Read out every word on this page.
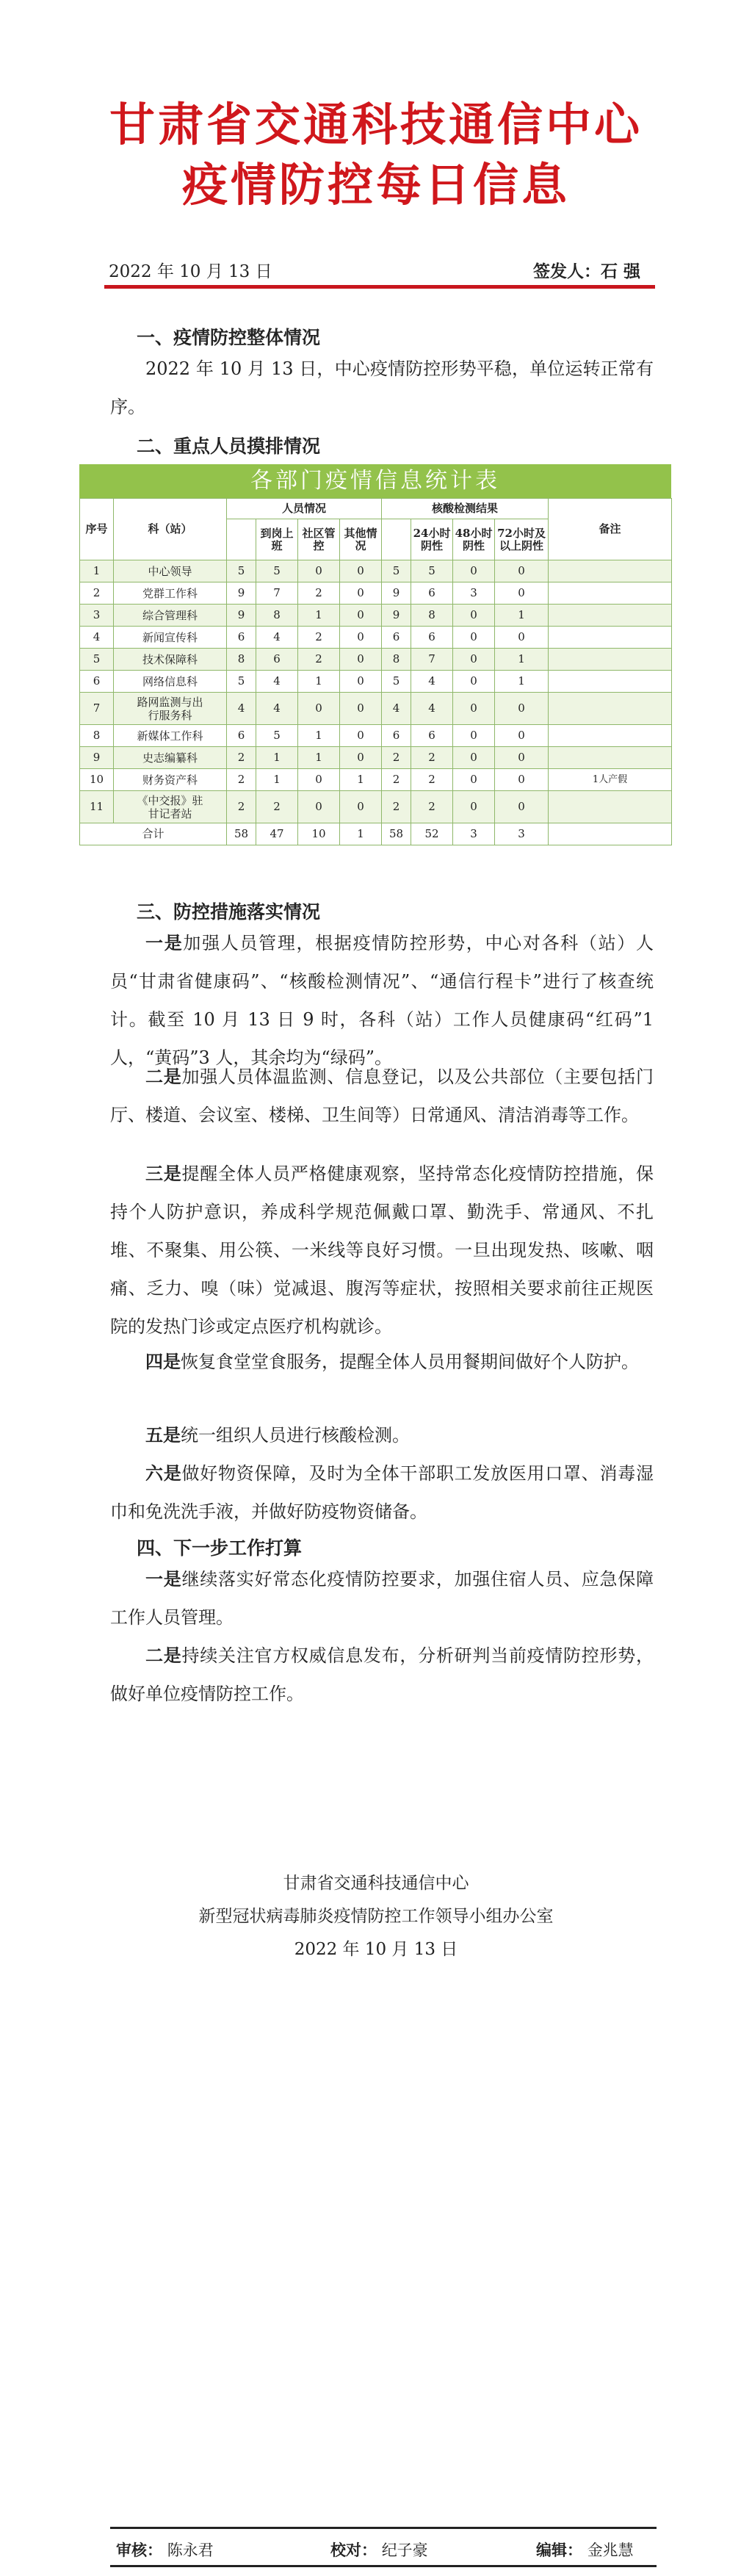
甘肃省交通科技通信中心
疫情防控每日信息
2022 年 10 月 13 日	签发人：石 强
一、疫情防控整体情况

2022 年 10 月 13 日，中心疫情防控形势平稳，单位运转正常有序。

二、重点人员摸排情况
各部门疫情信息统计表
序号	科（站）	人员情况				核酸检测结果				备注
			到岗上班	社区管控	其他情况		24小时阴性	48小时阴性	72小时及以上阴性	
1	中心领导	5	5	0	0	5	5	0	0	
2	党群工作科	9	7	2	0	9	6	3	0	
3	综合管理科	9	8	1	0	9	8	0	1	
4	新闻宣传科	6	4	2	0	6	6	0	0	
5	技术保障科	8	6	2	0	8	7	0	1	
6	网络信息科	5	4	1	0	5	4	0	1	
7	路网监测与出行服务科	4	4	0	0	4	4	0	0	
8	新媒体工作科	6	5	1	0	6	6	0	0	
9	史志编纂科	2	1	1	0	2	2	0	0	
10	财务资产科	2	1	0	1	2	2	0	0	1人产假
11	《中交报》驻甘记者站	2	2	0	0	2	2	0	0	
合计		58	47	10	1	58	52	3	3	
三、防控措施落实情况

一是加强人员管理，根据疫情防控形势，中心对各科（站）人员“甘肃省健康码”、“核酸检测情况”、“通信行程卡”进行了核查统计。截至 10 月 13 日 9 时，各科（站）工作人员健康码“红码”1 人，“黄码”3 人，其余均为“绿码”。

二是加强人员体温监测、信息登记，以及公共部位（主要包括门厅、楼道、会议室、楼梯、卫生间等）日常通风、清洁消毒等工作。

三是提醒全体人员严格健康观察，坚持常态化疫情防控措施，保持个人防护意识，养成科学规范佩戴口罩、勤洗手、常通风、不扎堆、不聚集、用公筷、一米线等良好习惯。一旦出现发热、咳嗽、咽痛、乏力、嗅（味）觉减退、腹泻等症状，按照相关要求前往正规医院的发热门诊或定点医疗机构就诊。

四是恢复食堂堂食服务，提醒全体人员用餐期间做好个人防护。

五是统一组织人员进行核酸检测。

六是做好物资保障，及时为全体干部职工发放医用口罩、消毒湿巾和免洗洗手液，并做好防疫物资储备。

四、下一步工作打算

一是继续落实好常态化疫情防控要求，加强住宿人员、应急保障工作人员管理。

二是持续关注官方权威信息发布，分析研判当前疫情防控形势，做好单位疫情防控工作。

甘肃省交通科技通信中心
新型冠状病毒肺炎疫情防控工作领导小组办公室
2022 年 10 月 13 日
审核： 陈永君	校对： 纪子豪	编辑： 金兆慧
